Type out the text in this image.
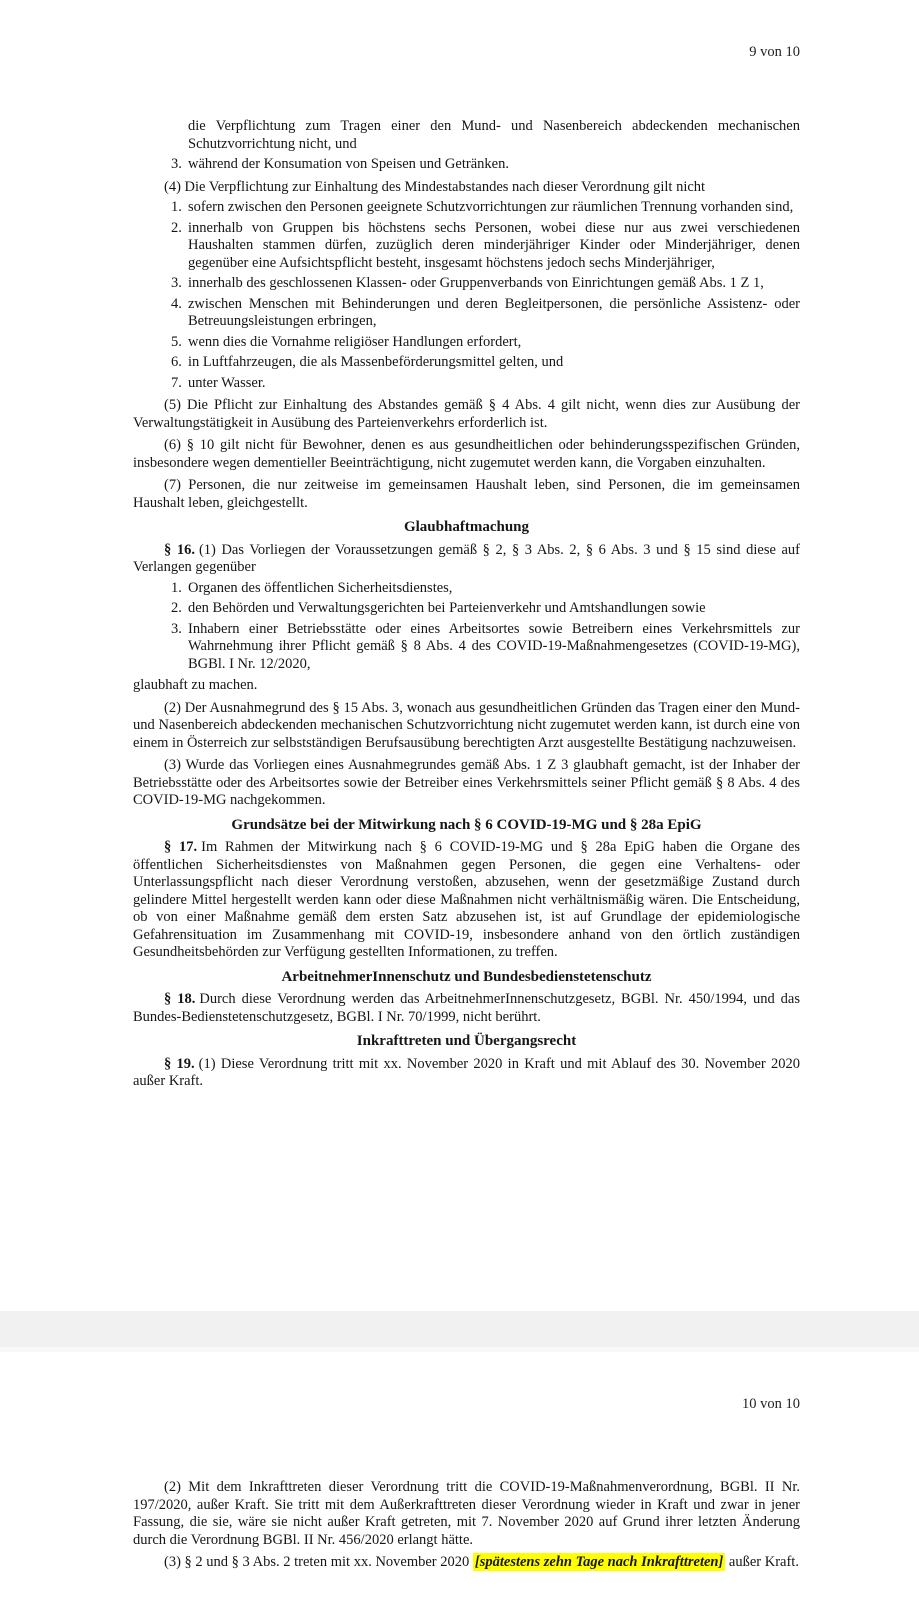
9 von 10

die Verpflichtung zum Tragen einer den Mund- und Nasenbereich abdeckenden mechanischen Schutzvorrichtung nicht, und

3. während der Konsumation von Speisen und Getränken.

(4) Die Verpflichtung zur Einhaltung des Mindestabstandes nach dieser Verordnung gilt nicht

1. sofern zwischen den Personen geeignete Schutzvorrichtungen zur räumlichen Trennung vorhanden sind,
2. innerhalb von Gruppen bis höchstens sechs Personen, wobei diese nur aus zwei verschiedenen Haushalten stammen dürfen, zuzüglich deren minderjähriger Kinder oder Minderjähriger, denen gegenüber eine Aufsichtspflicht besteht, insgesamt höchstens jedoch sechs Minderjähriger,
3. innerhalb des geschlossenen Klassen- oder Gruppenverbands von Einrichtungen gemäß Abs. 1 Z 1,
4. zwischen Menschen mit Behinderungen und deren Begleitpersonen, die persönliche Assistenz- oder Betreuungsleistungen erbringen,
5. wenn dies die Vornahme religiöser Handlungen erfordert,
6. in Luftfahrzeugen, die als Massenbeförderungsmittel gelten, und
7. unter Wasser.

(5) Die Pflicht zur Einhaltung des Abstandes gemäß § 4 Abs. 4 gilt nicht, wenn dies zur Ausübung der Verwaltungstätigkeit in Ausübung des Parteienverkehrs erforderlich ist.

(6) § 10 gilt nicht für Bewohner, denen es aus gesundheitlichen oder behinderungsspezifischen Gründen, insbesondere wegen dementieller Beeinträchtigung, nicht zugemutet werden kann, die Vorgaben einzuhalten.

(7) Personen, die nur zeitweise im gemeinsamen Haushalt leben, sind Personen, die im gemeinsamen Haushalt leben, gleichgestellt.

Glaubhaftmachung

§ 16. (1) Das Vorliegen der Voraussetzungen gemäß § 2, § 3 Abs. 2, § 6 Abs. 3 und § 15 sind diese auf Verlangen gegenüber

1. Organen des öffentlichen Sicherheitsdienstes,
2. den Behörden und Verwaltungsgerichten bei Parteienverkehr und Amtshandlungen sowie
3. Inhabern einer Betriebsstätte oder eines Arbeitsortes sowie Betreibern eines Verkehrsmittels zur Wahrnehmung ihrer Pflicht gemäß § 8 Abs. 4 des COVID-19-Maßnahmengesetzes (COVID-19-MG), BGBl. I Nr. 12/2020,

glaubhaft zu machen.

(2) Der Ausnahmegrund des § 15 Abs. 3, wonach aus gesundheitlichen Gründen das Tragen einer den Mund- und Nasenbereich abdeckenden mechanischen Schutzvorrichtung nicht zugemutet werden kann, ist durch eine von einem in Österreich zur selbstständigen Berufsausübung berechtigten Arzt ausgestellte Bestätigung nachzuweisen.

(3) Wurde das Vorliegen eines Ausnahmegrundes gemäß Abs. 1 Z 3 glaubhaft gemacht, ist der Inhaber der Betriebsstätte oder des Arbeitsortes sowie der Betreiber eines Verkehrsmittels seiner Pflicht gemäß § 8 Abs. 4 des COVID-19-MG nachgekommen.

Grundsätze bei der Mitwirkung nach § 6 COVID-19-MG und § 28a EpiG

§ 17. Im Rahmen der Mitwirkung nach § 6 COVID-19-MG und § 28a EpiG haben die Organe des öffentlichen Sicherheitsdienstes von Maßnahmen gegen Personen, die gegen eine Verhaltens- oder Unterlassungspflicht nach dieser Verordnung verstoßen, abzusehen, wenn der gesetzmäßige Zustand durch gelindere Mittel hergestellt werden kann oder diese Maßnahmen nicht verhältnismäßig wären. Die Entscheidung, ob von einer Maßnahme gemäß dem ersten Satz abzusehen ist, ist auf Grundlage der epidemiologische Gefahrensituation im Zusammenhang mit COVID-19, insbesondere anhand von den örtlich zuständigen Gesundheitsbehörden zur Verfügung gestellten Informationen, zu treffen.

ArbeitnehmerInnenschutz und Bundesbedienstetenschutz

§ 18. Durch diese Verordnung werden das ArbeitnehmerInnenschutzgesetz, BGBl. Nr. 450/1994, und das Bundes-Bedienstetenschutzgesetz, BGBl. I Nr. 70/1999, nicht berührt.

Inkrafttreten und Übergangsrecht

§ 19. (1) Diese Verordnung tritt mit xx. November 2020 in Kraft und mit Ablauf des 30. November 2020 außer Kraft.

10 von 10

(2) Mit dem Inkrafttreten dieser Verordnung tritt die COVID-19-Maßnahmenverordnung, BGBl. II Nr. 197/2020, außer Kraft. Sie tritt mit dem Außerkrafttreten dieser Verordnung wieder in Kraft und zwar in jener Fassung, die sie, wäre sie nicht außer Kraft getreten, mit 7. November 2020 auf Grund ihrer letzten Änderung durch die Verordnung BGBl. II Nr. 456/2020 erlangt hätte.

(3) § 2 und § 3 Abs. 2 treten mit xx. November 2020 [spätestens zehn Tage nach Inkrafttreten] außer Kraft.
